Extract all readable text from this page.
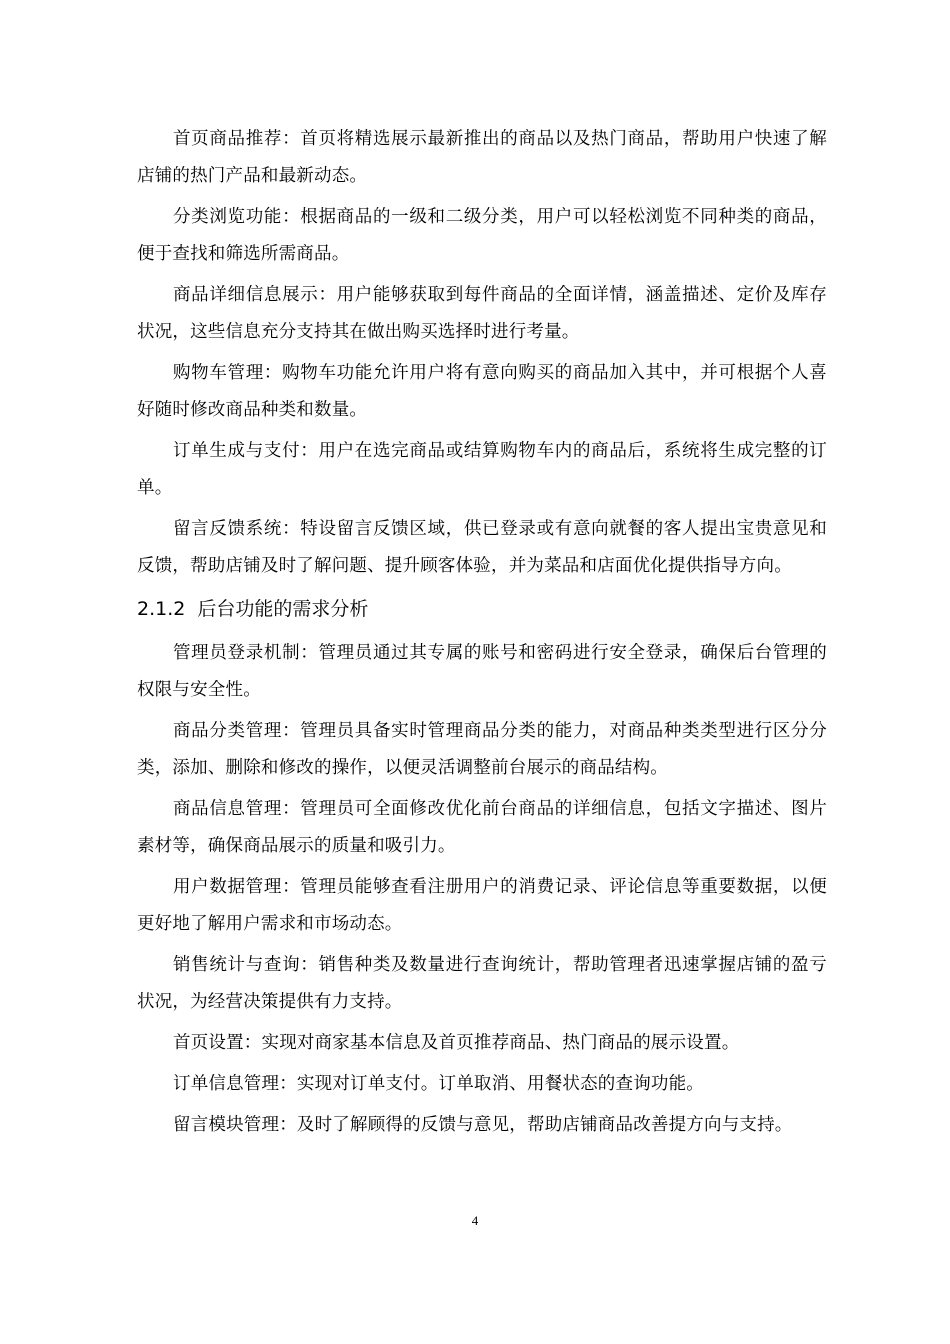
首页商品推荐：首页将精选展示最新推出的商品以及热门商品，帮助用户快速了解店铺的热门产品和最新动态。

分类浏览功能：根据商品的一级和二级分类，用户可以轻松浏览不同种类的商品，便于查找和筛选所需商品。

商品详细信息展示：用户能够获取到每件商品的全面详情，涵盖描述、定价及库存状况，这些信息充分支持其在做出购买选择时进行考量。

购物车管理：购物车功能允许用户将有意向购买的商品加入其中，并可根据个人喜好随时修改商品种类和数量。

订单生成与支付：用户在选完商品或结算购物车内的商品后，系统将生成完整的订单。

留言反馈系统：特设留言反馈区域，供已登录或有意向就餐的客人提出宝贵意见和反馈，帮助店铺及时了解问题、提升顾客体验，并为菜品和店面优化提供指导方向。

2.1.2 后台功能的需求分析

管理员登录机制：管理员通过其专属的账号和密码进行安全登录，确保后台管理的权限与安全性。

商品分类管理：管理员具备实时管理商品分类的能力，对商品种类类型进行区分分类，添加、删除和修改的操作，以便灵活调整前台展示的商品结构。

商品信息管理：管理员可全面修改优化前台商品的详细信息，包括文字描述、图片素材等，确保商品展示的质量和吸引力。

用户数据管理：管理员能够查看注册用户的消费记录、评论信息等重要数据，以便更好地了解用户需求和市场动态。

销售统计与查询：销售种类及数量进行查询统计，帮助管理者迅速掌握店铺的盈亏状况，为经营决策提供有力支持。

首页设置：实现对商家基本信息及首页推荐商品、热门商品的展示设置。

订单信息管理：实现对订单支付。订单取消、用餐状态的查询功能。

留言模块管理：及时了解顾得的反馈与意见，帮助店铺商品改善提方向与支持。

4
